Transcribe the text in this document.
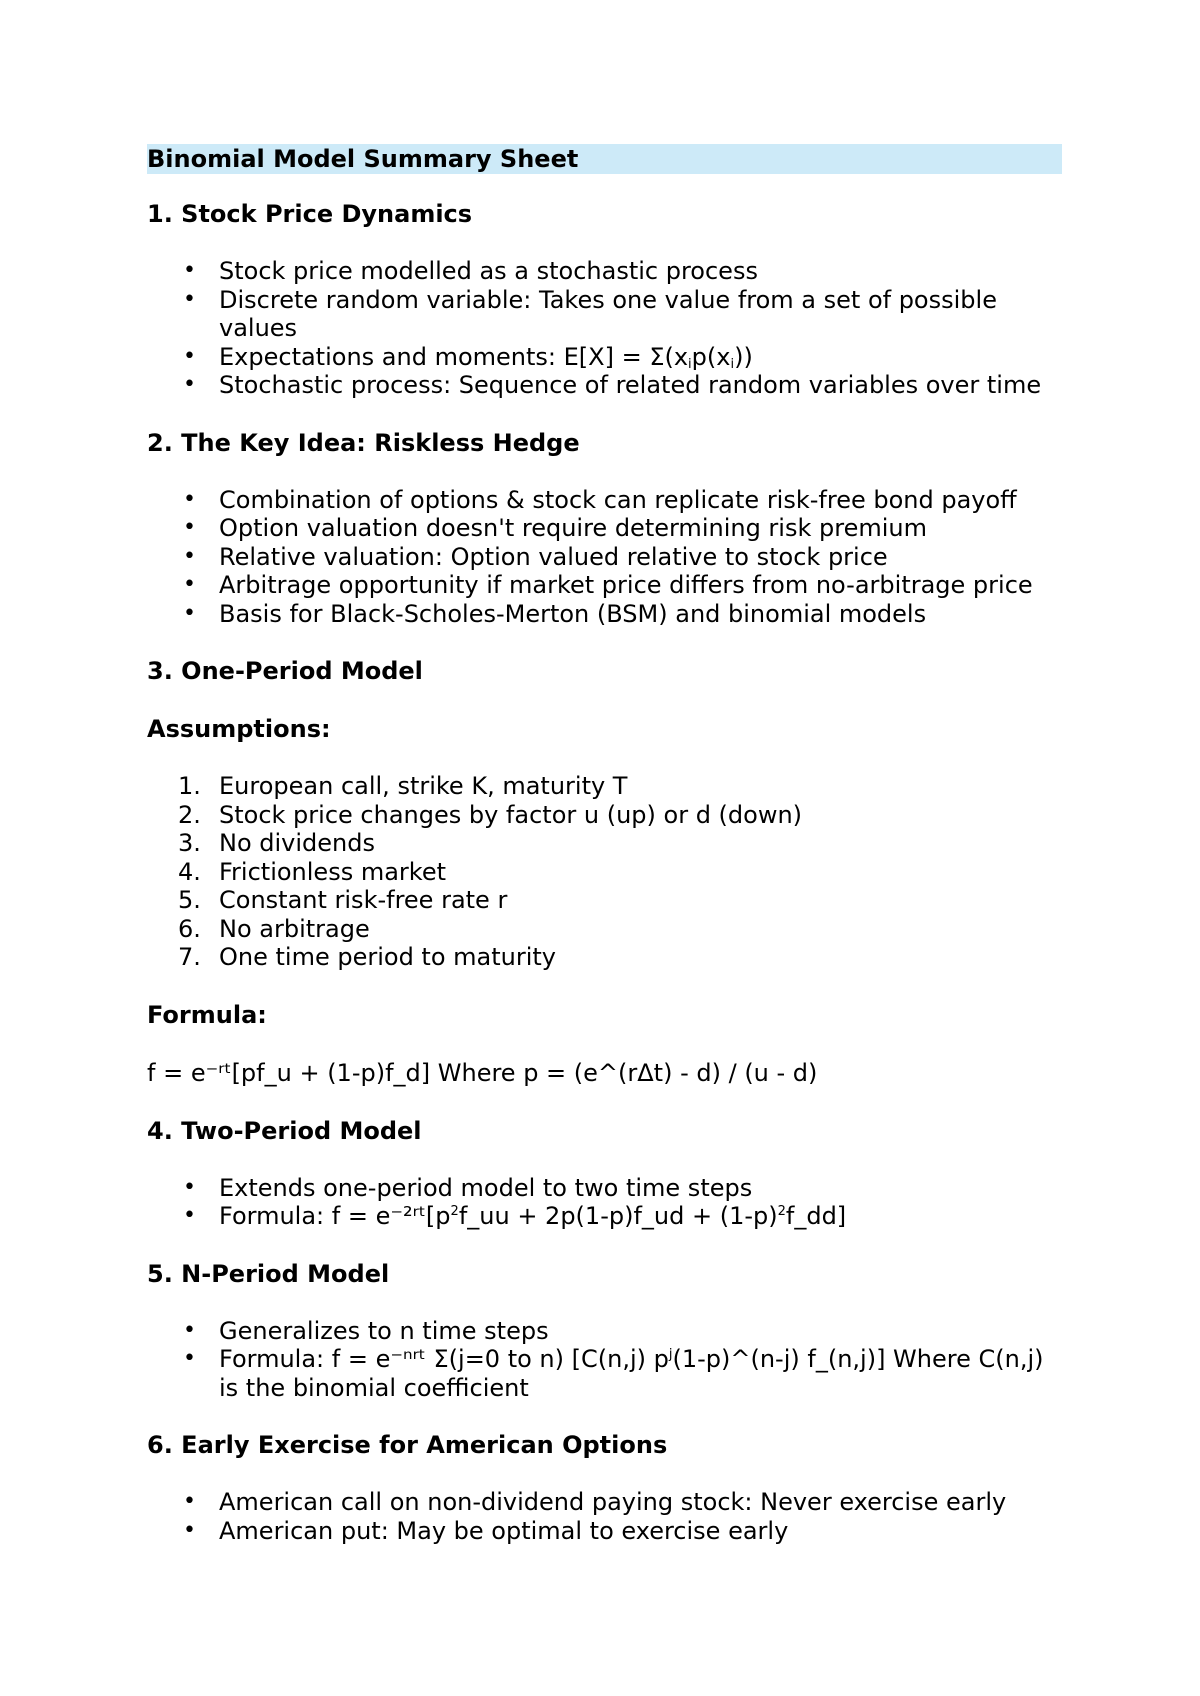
Binomial Model Summary Sheet
1. Stock Price Dynamics
• Stock price modelled as a stochastic process
• Discrete random variable: Takes one value from a set of possible values
• Expectations and moments: $E[X] = \Sigma(x_ip(x_i))$
• Stochastic process: Sequence of related random variables over time
2. The Key Idea: Riskless Hedge
• Combination of options & stock can replicate risk-free bond payoff
• Option valuation doesn't require determining risk premium
• Relative valuation: Option valued relative to stock price
• Arbitrage opportunity if market price differs from no-arbitrage price
• Basis for Black-Scholes-Merton (BSM) and binomial models
3. One-Period Model
Assumptions:
1. European call, strike K, maturity T
2. Stock price changes by factor u (up) or d (down)
3. No dividends
4. Frictionless market
5. Constant risk-free rate r
6. No arbitrage
7. One time period to maturity
Formula:
f = e⁻ʳᵗ[pf_u + (1-p)f_d] Where p = (e^(rΔt) - d) / (u - d)
4. Two-Period Model
• Extends one-period model to two time steps
• Formula: $f = e^{-2}ʳᵗ[p^2f\_uu$ + 2p(1-p)f_ud + $(1-p)^2f\_dd$]
5. N-Period Model
• Generalizes to n time steps
• Formula: f = e⁻ⁿʳᵗ Σ(j=0 to n) [C(n,j) $p^j(1-p)\^{}(n-j)$ f_(n,j)] Where C(n,j) is the binomial coefficient
6. Early Exercise for American Options
• American call on non-dividend paying stock: Never exercise early
• American put: May be optimal to exercise early
